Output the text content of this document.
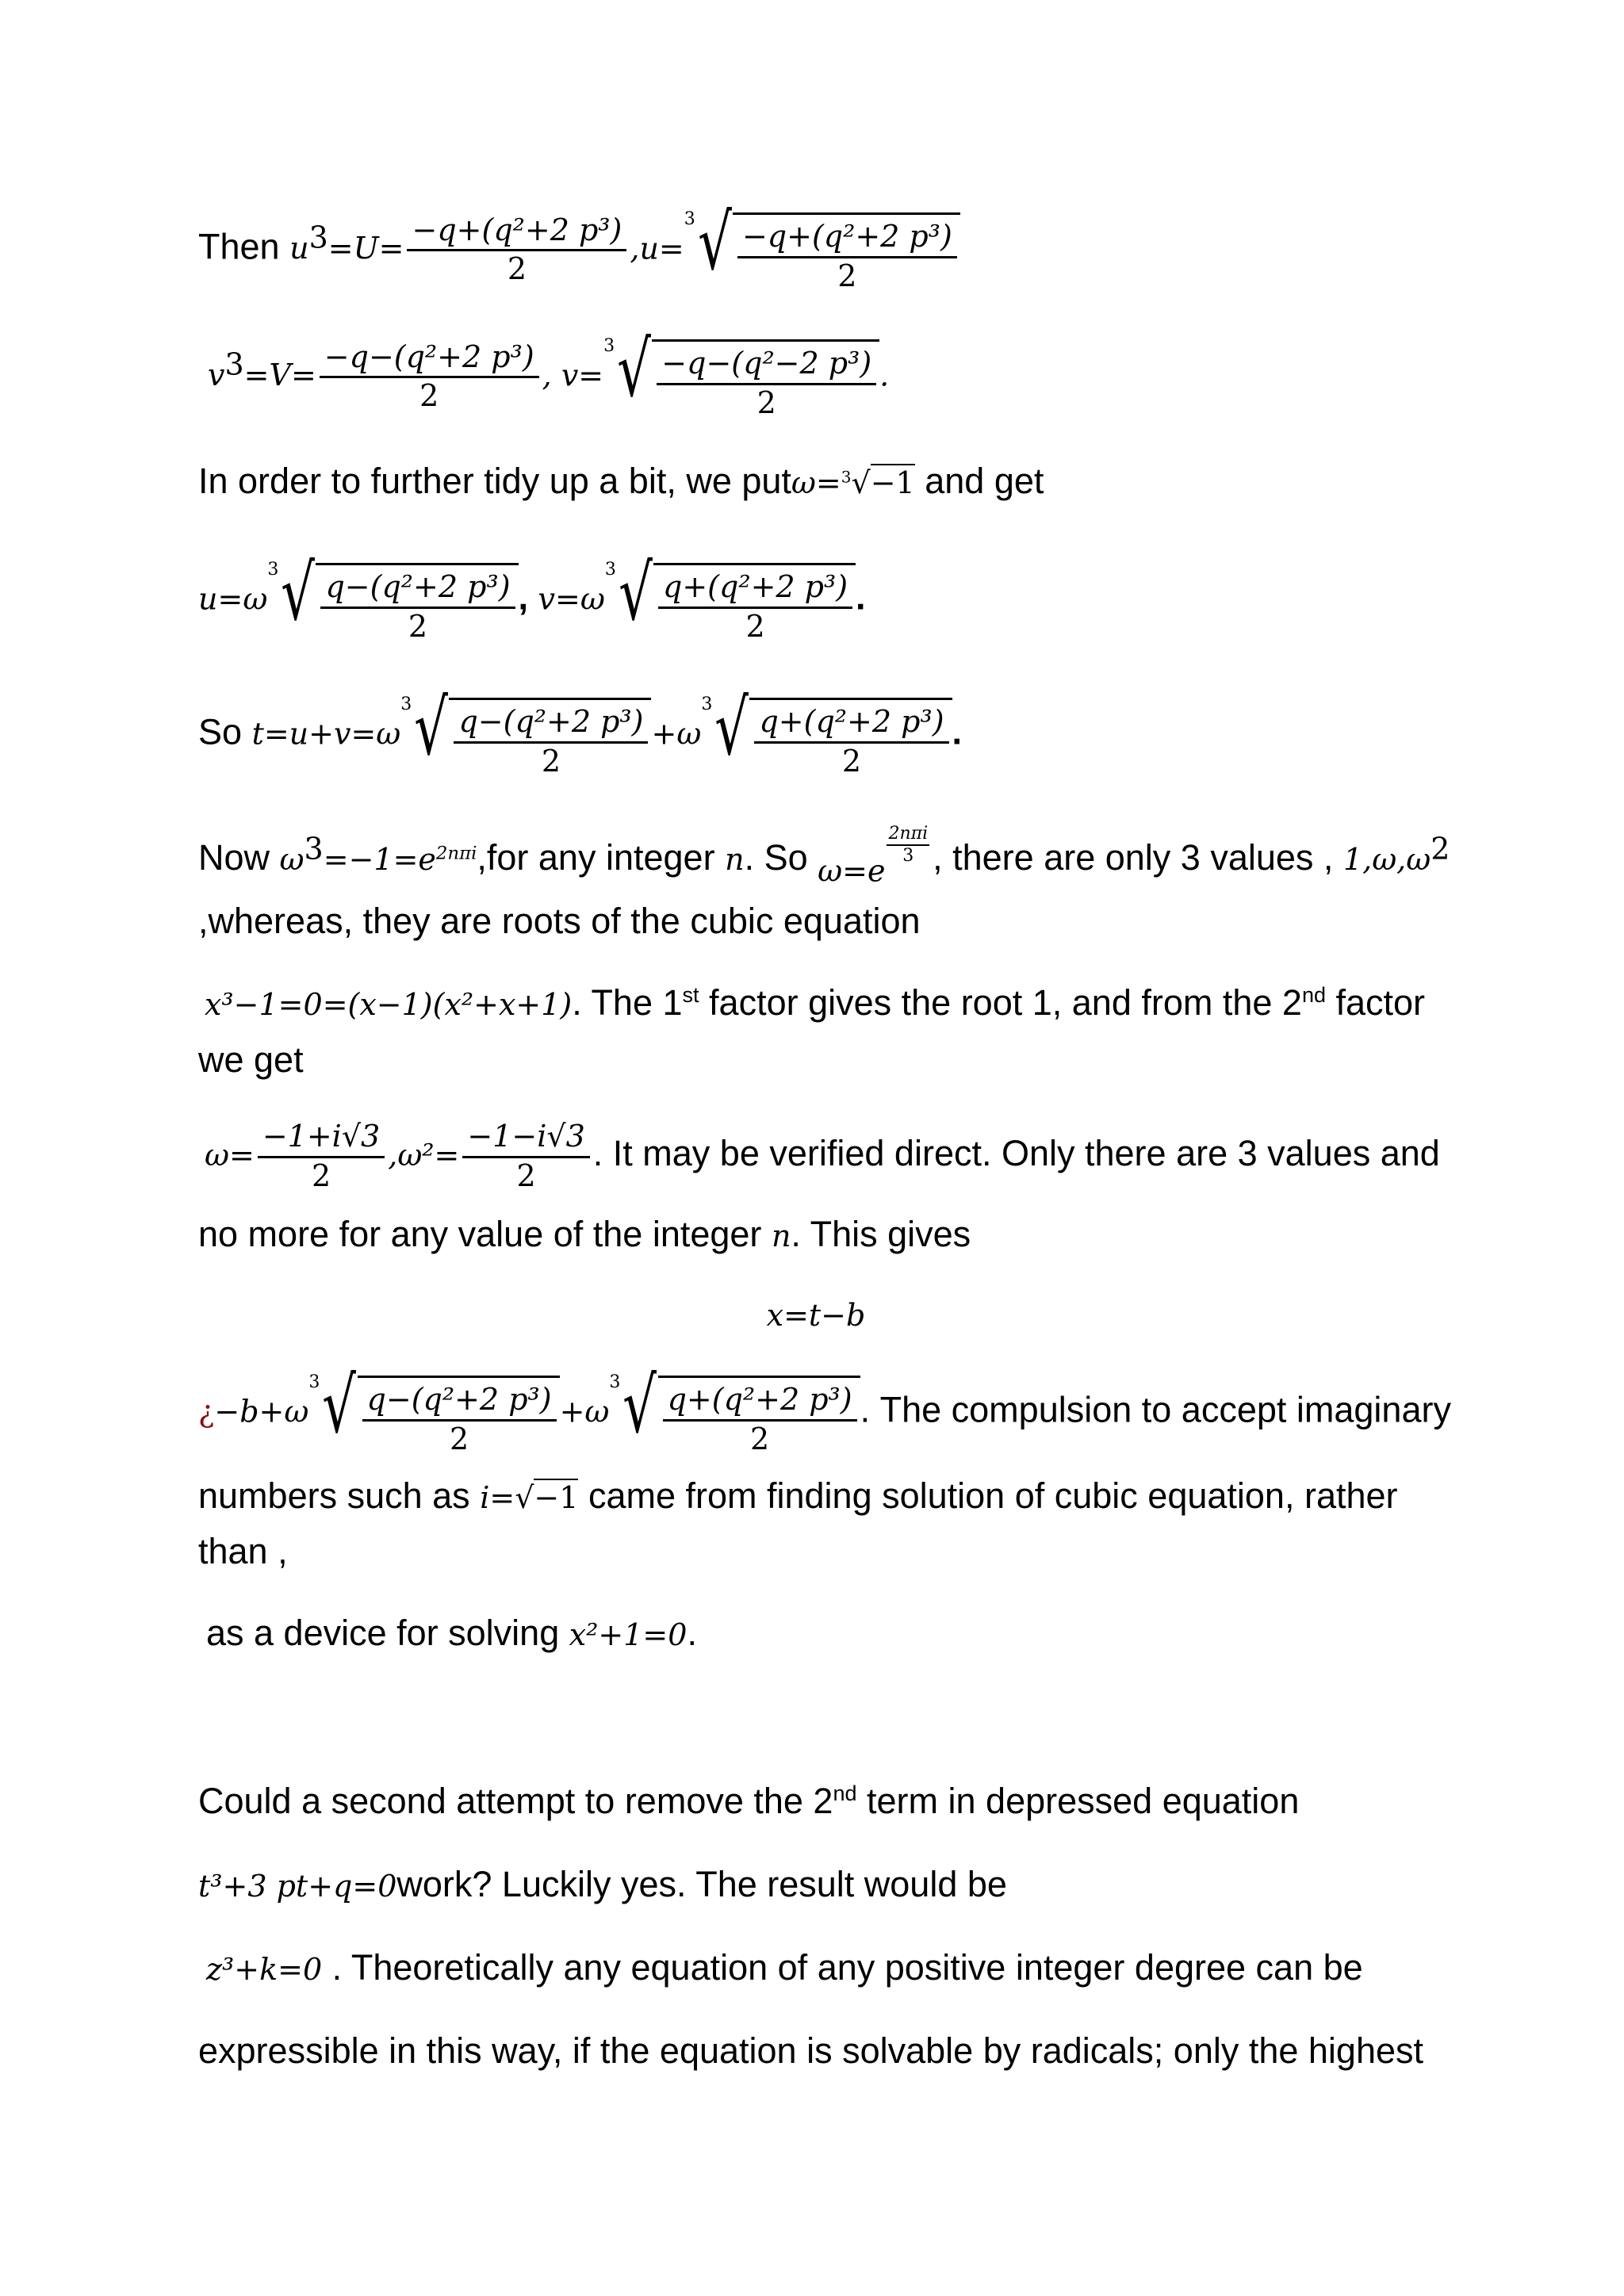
Then $u^3=U= \frac{\text{−q+(q²+2 p³)}}{2} ,u=$
3 √ $\frac{\text{−q+(q²+2 p³)}}{2}$
$v^3=V= \frac{\text{−q−(q²+2 p³)}}{2}$ , v=
3 √ $\frac{\text{−q−(q²−2 p³)}}{2}$ .
In order to further tidy up a bit, we putω=$^3$√−1 and get
u=ω
3 √ $\frac{\text{q−(q²+2 p³)}}{2}$ , v=ω
3 √ $\frac{\text{q+(q²+2 p³)}}{2}$ .
So t=u+v=ω
3 √ $\frac{\text{q−(q²+2 p³)}}{2} +\omega$
3 √ $\frac{\text{q+(q²+2 p³)}}{2}$ .
Now $\omega^3=-1=e^{2n\pi i},for$ any integer n. So ω=e
$\frac{\text{2nπi}}{3}$ , there are only 3 values , $1,\omega,\omega^2$
,whereas, they are roots of the cubic equation
x³−1=0=(x−1)(x²+x+1). The 1st factor gives the root 1, and from the 2nd factor
we get
$\omega= \frac{-1+i√3}{2} ,\omega^2= \frac{-1-i√3}{2}$ . It may be verified direct. Only there are 3 values and
no more for any value of the integer n. This gives
x=t−b
¿−b+ω
3 √ $\frac{\text{q−(q²+2 p³)}}{2} +\omega$
3 √ $\frac{\text{q+(q²+2 p³)}}{2}$ . The compulsion to accept imaginary
numbers such as i=√−1 came from finding solution of cubic equation, rather
than ,
as a device for solving x²+1=0.
Could a second attempt to remove the 2nd term in depressed equation
t³+3 pt+q=0work? Luckily yes. The result would be
z³+k=0 . Theoretically any equation of any positive integer degree can be
expressible in this way, if the equation is solvable by radicals; only the highest
